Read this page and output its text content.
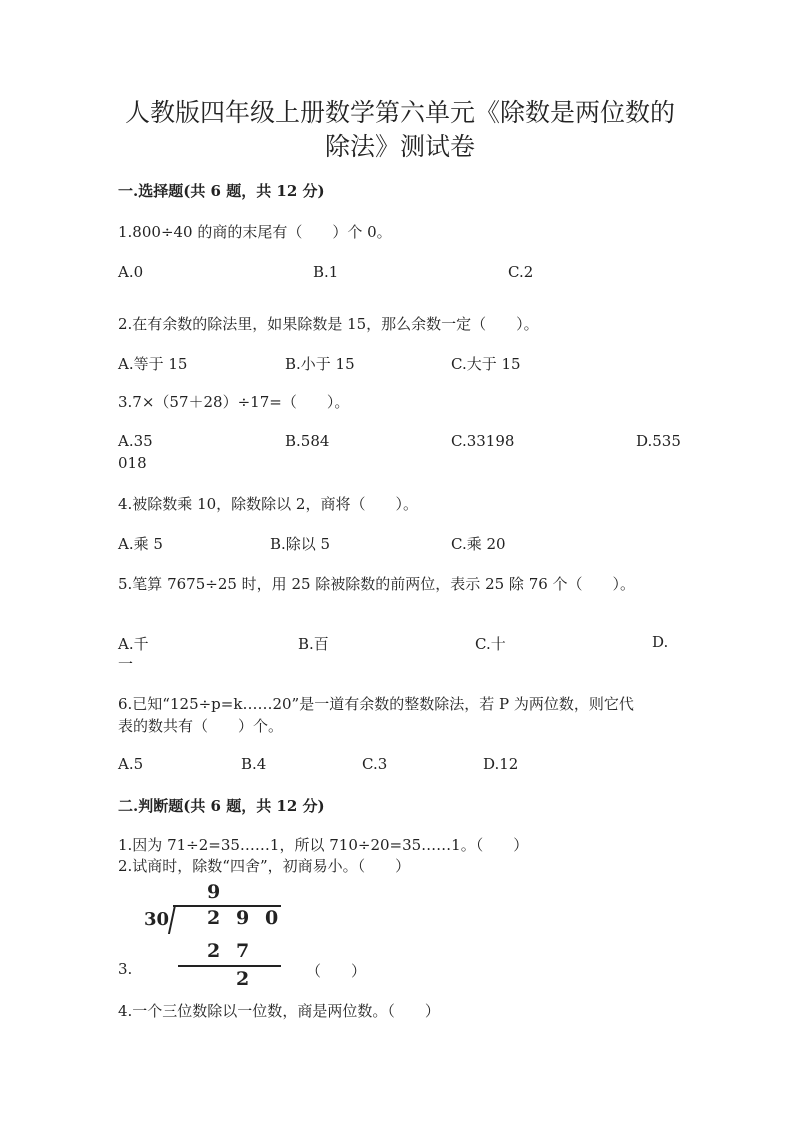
人教版四年级上册数学第六单元《除数是两位数的
除法》测试卷
一.选择题(共 6 题，共 12 分)
1.800÷40 的商的末尾有（　　）个 0。
A.0	B.1	C.2
2.在有余数的除法里，如果除数是 15，那么余数一定（　　）。
A.等于 15	B.小于 15	C.大于 15
3.7×（57＋28）÷17=（　　）。
A.35	B.584	C.33198	D.535
018
4.被除数乘 10，除数除以 2，商将（　　）。
A.乘 5	B.除以 5	C.乘 20
5.笔算 7675÷25 时，用 25 除被除数的前两位，表示 25 除 76 个（　　）。
A.千	B.百	C.十	D.
一
6.已知“125÷p=k……20”是一道有余数的整数除法，若 P 为两位数，则它代
表的数共有（　　）个。
A.5	B.4	C.3	D.12
二.判断题(共 6 题，共 12 分)
1.因为 71÷2=35……1，所以 710÷20=35……1。（　　）
2.试商时，除数“四舍”，初商易小。（　　）
9
30 2 9 0
2 7
2
3.	（　　）
4.一个三位数除以一位数，商是两位数。（　　）
